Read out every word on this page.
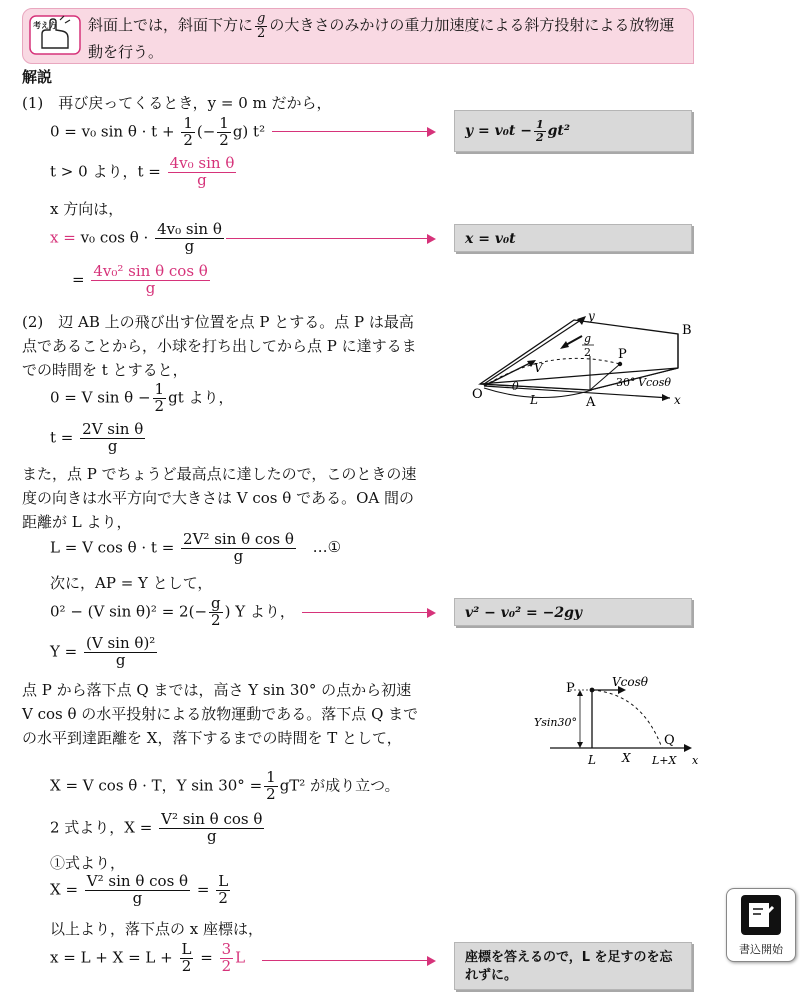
考え方 斜面上では，斜面下方に $\frac{g}{2}$ の大きさのみかけの重力加速度による斜方投射による放物運動を行う。
解説
(1)　再び戻ってくるとき，y = 0 m だから，
0 = v₀ $\sin \theta \cdot t + \frac{1}{2}$ (− $\frac{1}{2} g$) t²	$y = v_0t - \frac{1}{2} gt^2$
t > 0 より，$t = \frac{\text{4v₀ sin θ}}{g}$
x 方向は，
x = v₀ $\cos \theta \cdot \frac{\text{4v₀ sin θ}}{g}$	x = v₀t
= $\frac{\text{4v₀² sin θ cos θ}}{g}$
(2)　辺 AB 上の飛び出す位置を点 P とする。点 P は最高点であることから，小球を打ち出してから点 P に達するまでの時間を t とすると，
0 = V $\sin \theta - \frac{1}{2}$ gt より，
$t = \frac{\text{2V sin θ}}{g}$
また，点 P でちょうど最高点に達したので，このときの速度の向きは水平方向で大きさは V cos θ である。OA 間の距離が L より，
L = V $\cos \theta \cdot t = \frac{\text{2V² sin θ cos θ}}{g}$ …①
次に，AP = Y として，
0² − (V $\sin \theta)^2 = 2(- \frac{g}{2}$ ) Y より，	v² − v₀² = −2gy
$Y = \frac{\text{(V sin θ)²}}{g}$
点 P から落下点 Q までは，高さ Y sin 30° の点から初速 V cos θ の水平投射による放物運動である。落下点 Q までの水平到達距離を X，落下するまでの時間を T として，
X = V cos θ · T，Y $\sin 30^\circ = \frac{1}{2} gT^2$ が成り立つ。
2 式より，$X = \frac{\text{V² sin θ cos θ}}{g}$
①式より，
$X = \frac{\text{V² sin θ cos θ}}{g} = \frac{L}{2}$
以上より，落下点の x 座標は，
$x = L + X = L + \frac{L}{2} = \frac{3}{2}$ L	座標を答えるので，L を足すのを忘れずに。
y
B
P
O
A	x
V
θ
L
g
2
30° Vcosθ
P	Vcosθ
Ysin30°
Q
L X L+X x
書込開始
